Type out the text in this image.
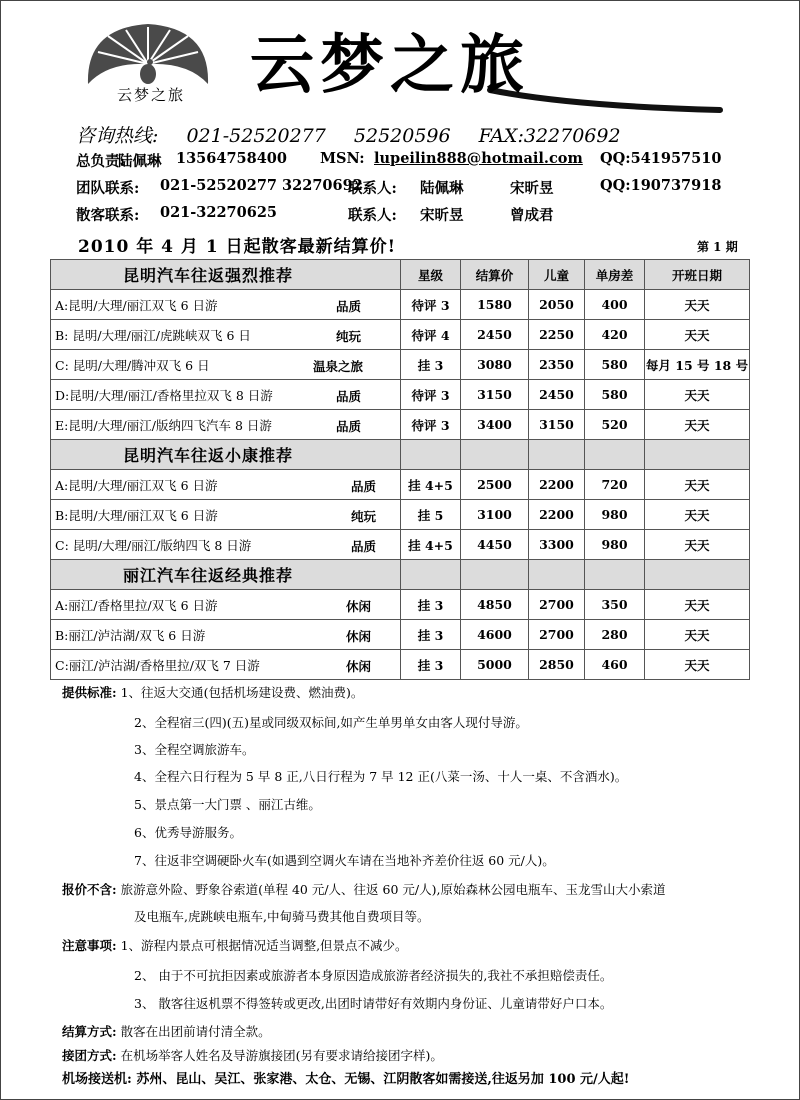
云梦之旅	云梦之旅
咨询热线: 021-52520277 52520596 FAX:32270692
总负责:
陆佩琳 13564758400 MSN: lupeilin888@hotmail.com QQ:541957510
团队联系: 021-52520277 32270692
联系人: 陆佩琳	宋昕昱	QQ:190737918
散客联系: 021-32270625	联系人: 宋昕昱	曾成君
2010 年 4 月 1 日起散客最新结算价!	第 1 期
昆明汽车往返强烈推荐	星级	结算价	儿童	单房差	开班日期
A:昆明/大理/丽江双飞 6 日游 品质	待评 3	1580	2050	400	天天
B: 昆明/大理/丽江/虎跳峡双飞 6 日 纯玩	待评 4	2450	2250	420	天天
C: 昆明/大理/腾冲双飞 6 日 温泉之旅	挂 3	3080	2350	580	每月 15 号 18 号
D:昆明/大理/丽江/香格里拉双飞 8 日游 品质	待评 3	3150	2450	580	天天
E:昆明/大理/丽江/版纳四飞汽车 8 日游 品质	待评 3	3400	3150	520	天天
昆明汽车往返小康推荐					
A:昆明/大理/丽江双飞 6 日游 品质	挂 4+5	2500	2200	720	天天
B:昆明/大理/丽江双飞 6 日游 纯玩	挂 5	3100	2200	980	天天
C: 昆明/大理/丽江/版纳四飞 8 日游 品质	挂 4+5	4450	3300	980	天天
丽江汽车往返经典推荐					
A:丽江/香格里拉/双飞 6 日游 休闲	挂 3	4850	2700	350	天天
B:丽江/泸沽湖/双飞 6 日游 休闲	挂 3	4600	2700	280	天天
C:丽江/泸沽湖/香格里拉/双飞 7 日游 休闲	挂 3	5000	2850	460	天天
提供标准: 1、往返大交通(包括机场建设费、燃油费)。
2、全程宿三(四)(五)星或同级双标间,如产生单男单女由客人现付导游。
3、全程空调旅游车。
4、全程六日行程为 5 早 8 正,八日行程为 7 早 12 正(八菜一汤、十人一桌、不含酒水)。
5、景点第一大门票 、丽江古维。
6、优秀导游服务。
7、往返非空调硬卧火车(如遇到空调火车请在当地补齐差价往返 60 元/人)。
报价不含: 旅游意外险、野象谷索道(单程 40 元/人、往返 60 元/人),原始森林公园电瓶车、玉龙雪山大小索道
及电瓶车,虎跳峡电瓶车,中甸骑马费其他自费项目等。
注意事项: 1、游程内景点可根据情况适当调整,但景点不减少。
2、 由于不可抗拒因素或旅游者本身原因造成旅游者经济损失的,我社不承担赔偿责任。
3、 散客往返机票不得签转或更改,出团时请带好有效期内身份证、儿童请带好户口本。
结算方式: 散客在出团前请付清全款。
接团方式: 在机场举客人姓名及导游旗接团(另有要求请给接团字样)。
机场接送机: 苏州、昆山、吴江、张家港、太仓、无锡、江阴散客如需接送,往返另加 100 元/人起!
